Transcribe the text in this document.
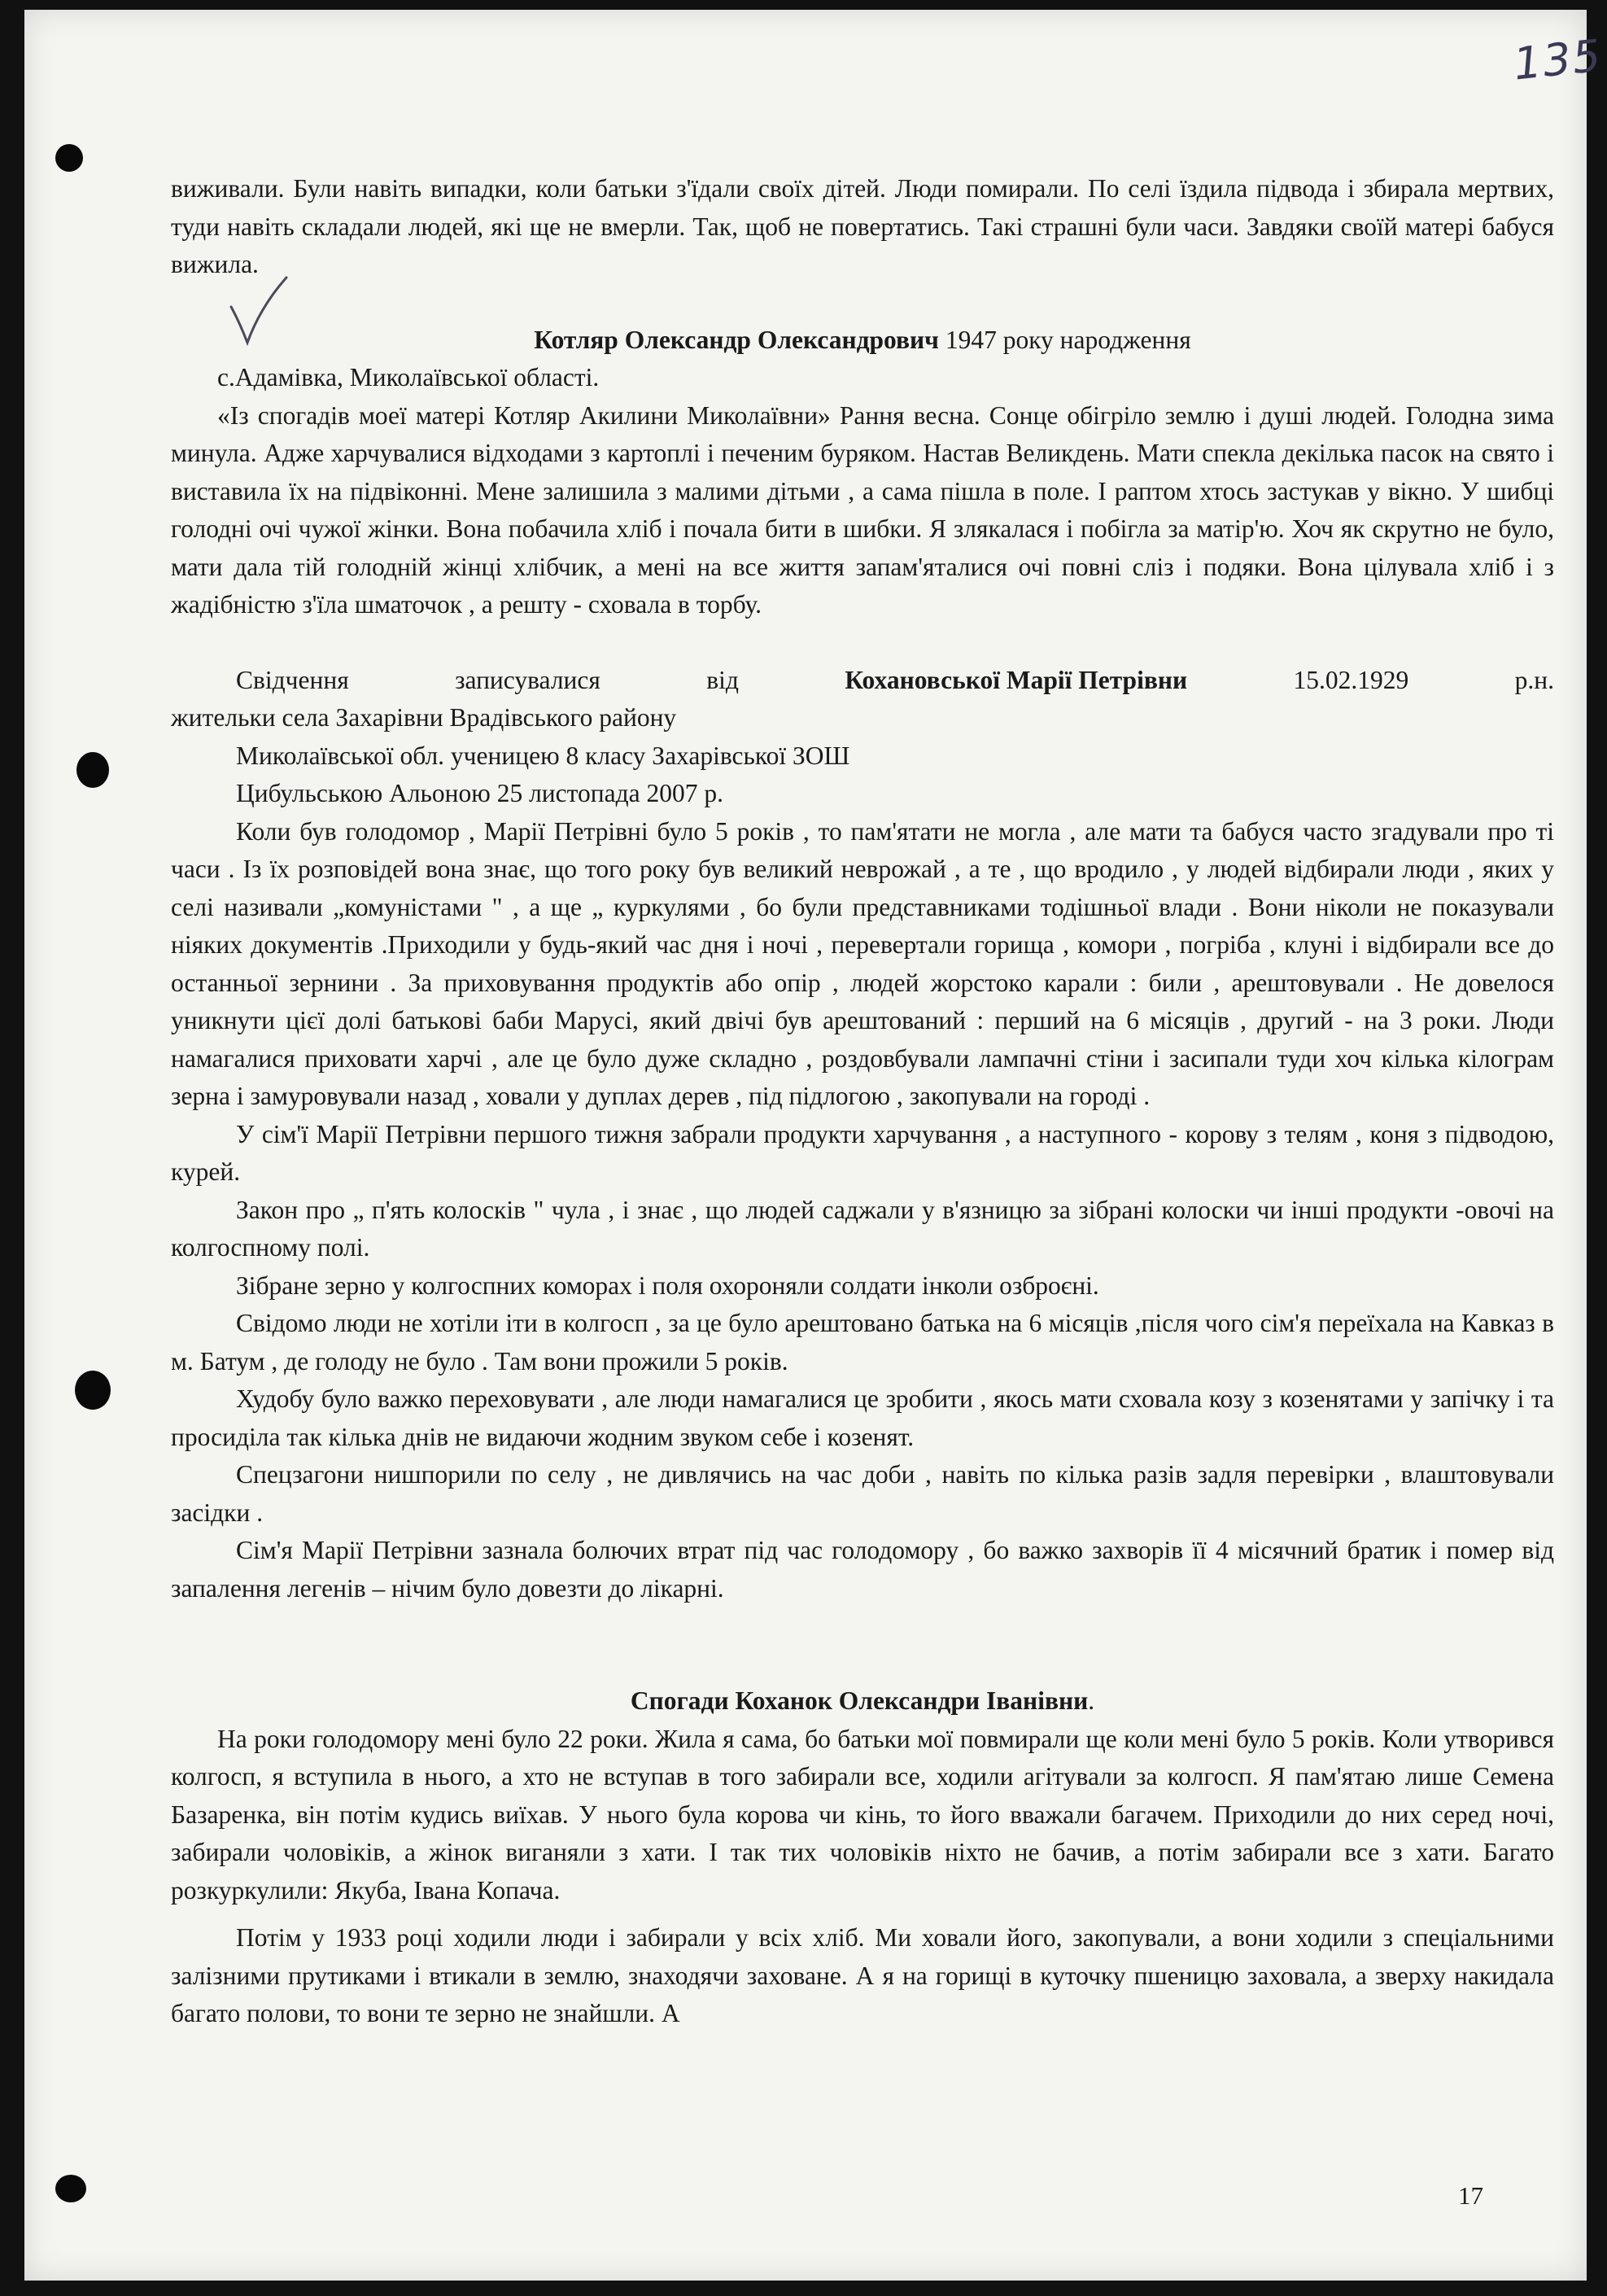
135

виживали. Були навіть випадки, коли батьки з'їдали своїх дітей. Люди помирали. По селі їздила підвода і збирала мертвих, туди навіть складали людей, які ще не вмерли. Так, щоб не повертатись. Такі страшні були часи. Завдяки своїй матері бабуся вижила.

Котляр Олександр Олександрович 1947 року народження

с.Адамівка, Миколаївської області.

«Із спогадів моеї матері Котляр Акилини Миколаївни» Рання весна. Сонце обігріло землю і душі людей. Голодна зима минула. Адже харчувалися відходами з картоплі і печеним буряком. Настав Великдень. Мати спекла декілька пасок на свято і виставила їх на підвіконні. Мене залишила з малими дітьми , а сама пішла в поле. І раптом хтось застукав у вікно. У шибці голодні очі чужої жінки. Вона побачила хліб і почала бити в шибки. Я злякалася і побігла за матір'ю. Хоч як скрутно не було, мати дала тій голодній жінці хлібчик, а мені на все життя запам'яталися очі повні сліз і подяки. Вона цілувала хліб і з жадібністю з'їла шматочок , а решту - сховала в торбу.

Свідчення	записувалися	від	Кохановської Марії Петрівни	15.02.1929	р.н.

жительки села Захарівни Врадівського району

Миколаївської обл. ученицею 8 класу Захарівської ЗОШ

Цибульською Альоною 25 листопада 2007 р.

Коли був голодомор , Марії Петрівні було 5 років , то пам'ятати не могла , але мати та бабуся часто згадували про ті часи . Із їх розповідей вона знає, що того року був великий неврожай , а те , що вродило , у людей відбирали люди , яких у селі називали „комуністами " , а ще „ куркулями , бо були представниками тодішньої влади . Вони ніколи не показували ніяких документів .Приходили у будь-який час дня і ночі , перевертали горища , комори , погріба , клуні і відбирали все до останньої зернини . За приховування продуктів або опір , людей жорстоко карали : били , арештовували . Не довелося уникнути цієї долі батькові баби Марусі, який двічі був арештований : перший на 6 місяців , другий - на 3 роки. Люди намагалися приховати харчі , але це було дуже складно , роздовбували лампачні стіни і засипали туди хоч кілька кілограм зерна і замуровували назад , ховали у дуплах дерев , під підлогою , закопували на городі .

У сім'ї Марії Петрівни першого тижня забрали продукти харчування , а наступного - корову з телям , коня з підводою, курей.

Закон про „ п'ять колосків " чула , і знає , що людей саджали у в'язницю за зібрані колоски чи інші продукти -овочі на колгоспному полі.

Зібране зерно у колгоспних коморах і поля охороняли солдати інколи озброєні.

Свідомо люди не хотіли іти в колгосп , за це було арештовано батька на 6 місяців ,після чого сім'я переїхала на Кавказ в м. Батум , де голоду не було . Там вони прожили 5 років.

Худобу було важко переховувати , але люди намагалися це зробити , якось мати сховала козу з козенятами у запічку і та просиділа так кілька днів не видаючи жодним звуком себе і козенят.

Спецзагони нишпорили по селу , не дивлячись на час доби , навіть по кілька разів задля перевірки , влаштовували засідки .

Сім'я Марії Петрівни зазнала болючих втрат під час голодомору , бо важко захворів її 4 місячний братик і помер від запалення легенів – нічим було довезти до лікарні.

Спогади Коханок Олександри Іванівни.

На роки голодомору мені було 22 роки. Жила я сама, бо батьки мої повмирали ще коли мені було 5 років. Коли утворився колгосп, я вступила в нього, а хто не вступав в того забирали все, ходили агітували за колгосп. Я пам'ятаю лише Семена Базаренка, він потім кудись виїхав. У нього була корова чи кінь, то його вважали багачем. Приходили до них серед ночі, забирали чоловіків, а жінок виганяли з хати. І так тих чоловіків ніхто не бачив, а потім забирали все з хати. Багато розкуркулили: Якуба, Івана Копача.

Потім у 1933 році ходили люди і забирали у всіх хліб. Ми ховали його, закопували, а вони ходили з спеціальними залізними прутиками і втикали в землю, знаходячи заховане. А я на горищі в куточку пшеницю заховала, а зверху накидала багато полови, то вони те зерно не знайшли. А

17
